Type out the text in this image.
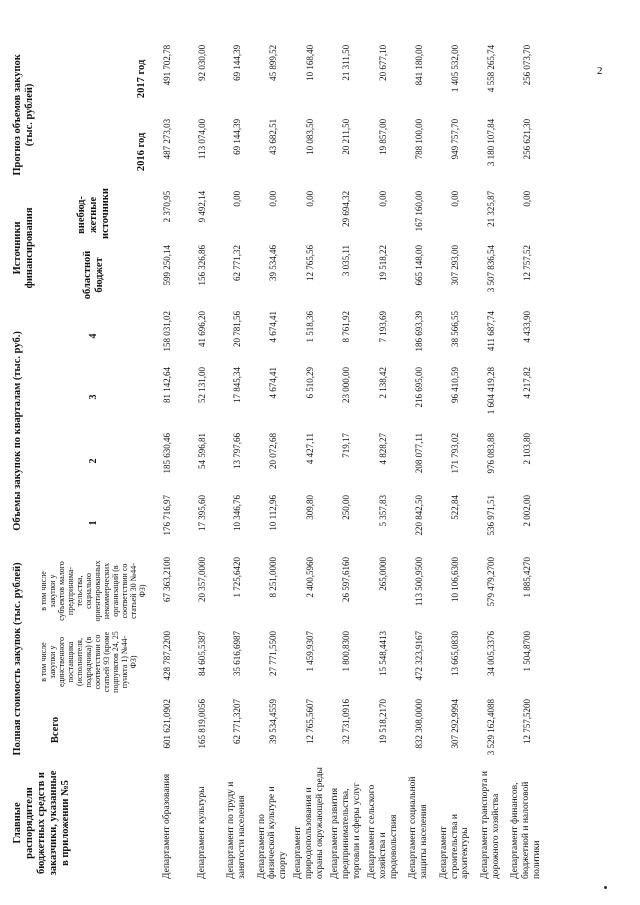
2
Главные распорядители бюджетных средств и заказчики, указанные в приложении №5	Полная стоимость закупок (тыс. рублей)			Объемы закупок по кварталам (тыс. руб.)				Источники финансирования		Прогноз объемов закупок (тыс. рублей)	
	Всего	в том числе закупки у единственного поставщика (исполнителя, подрядчика) (в соответствии со статьей 93 (кроме подпунктов 24, 25 пункта 1) №44-ФЗ)	в том числе закупки у субъектов малого предпринима-тельства, социально ориентированных некоммерческих организаций (в соответствии со статьей 30 №44-ФЗ)	1	2	3	4	областной бюджет	внебюд-жетные источники	2016 год	2017 год

Департамент образования	601 621,0902	428 787,2200	67 363,2100	176 716,97	185 630,46	81 142,64	158 031,02	599 250,14	2 370,95	487 273,03	491 702,78
Департамент культуры	165 819,0056	84 605,5387	20 357,0000	17 395,60	54 596,81	52 131,00	41 696,20	156 326,86	9 492,14	113 074,00	92 030,00
Департамент по труду и занятости населения	62 771,3207	35 616,6987	1 725,6420	10 346,76	13 797,66	17 845,34	20 781,56	62 771,32	0,00	69 144,39	69 144,39
Департамент по физической культуре и спорту	39 534,4559	27 771,5500	8 251,0000	10 112,96	20 072,68	4 674,41	4 674,41	39 534,46	0,00	43 682,51	45 899,52
Департамент природопользования и охраны окружающей среды	12 765,5607	1 459,9307	2 400,5960	309,80	4 427,11	6 510,29	1 518,36	12 765,56	0,00	10 083,50	10 168,40
Департамент развития предпринимательства, торговли и сферы услуг	32 731,0916	1 800,8300	26 597,6160	250,00	719,17	23 000,00	8 761,92	3 035,11	29 694,32	20 211,50	21 311,50
Департамент сельского хозяйства и продовольствия	19 518,2170	15 548,4413	265,0000	5 357,83	4 828,27	2 138,42	7 193,69	19 518,22	0,00	19 857,00	20 677,10
Департамент социальной защиты населения	832 308,0000	472 323,9167	113 500,9500	220 842,50	208 077,11	216 695,00	186 693,39	665 148,00	167 160,00	788 100,00	841 180,00
Департамент строительства и архитектуры	307 292,9994	13 665,0830	10 106,6300	522,84	171 793,02	96 410,59	38 566,55	307 293,00	0,00	949 757,70	1 405 532,00
Департамент транспорта и дорожного хозяйства	3 529 162,4088	34 005,3376	579 479,2700	536 971,51	976 083,88	1 604 419,28	411 687,74	3 507 836,54	21 325,87	3 180 107,84	4 558 265,74
Департамент финансов, бюджетной и налоговой политики	12 757,5200	1 504,8700	1 885,4270	2 002,00	2 103,80	4 217,82	4 433,90	12 757,52	0,00	256 621,30	256 073,70
